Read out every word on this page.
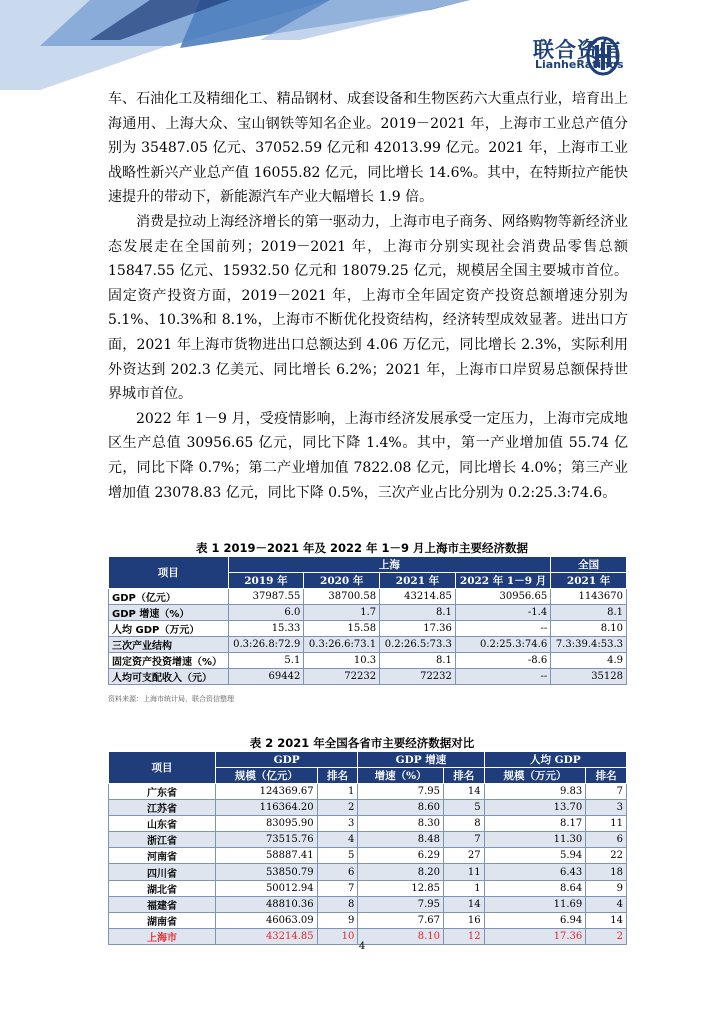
联合资信
LianheRatings

车、石油化工及精细化工、精品钢材、成套设备和生物医药六大重点行业，培育出上海通用、上海大众、宝山钢铁等知名企业。2019－2021 年，上海市工业总产值分别为 35487.05 亿元、37052.59 亿元和 42013.99 亿元。2021 年，上海市工业战略性新兴产业总产值 16055.82 亿元，同比增长 14.6%。其中，在特斯拉产能快速提升的带动下，新能源汽车产业大幅增长 1.9 倍。

消费是拉动上海经济增长的第一驱动力，上海市电子商务、网络购物等新经济业态发展走在全国前列；2019－2021 年，上海市分别实现社会消费品零售总额 15847.55 亿元、15932.50 亿元和 18079.25 亿元，规模居全国主要城市首位。固定资产投资方面，2019－2021 年，上海市全年固定资产投资总额增速分别为 5.1%、10.3%和 8.1%，上海市不断优化投资结构，经济转型成效显著。进出口方面，2021 年上海市货物进出口总额达到 4.06 万亿元，同比增长 2.3%，实际利用外资达到 202.3 亿美元、同比增长 6.2%；2021 年，上海市口岸贸易总额保持世界城市首位。

2022 年 1－9 月，受疫情影响，上海市经济发展承受一定压力，上海市完成地区生产总值 30956.65 亿元，同比下降 1.4%。其中，第一产业增加值 55.74 亿元，同比下降 0.7%；第二产业增加值 7822.08 亿元，同比增长 4.0%；第三产业增加值 23078.83 亿元，同比下降 0.5%，三次产业占比分别为 0.2:25.3:74.6。

表 1 2019－2021 年及 2022 年 1－9 月上海市主要经济数据
项目	上海				全国
	2019 年	2020 年	2021 年	2022 年 1－9 月	2021 年
GDP（亿元）	37987.55	38700.58	43214.85	30956.65	1143670
GDP 增速（%）	6.0	1.7	8.1	-1.4	8.1
人均 GDP（万元）	15.33	15.58	17.36	--	8.10
三次产业结构	0.3:26.8:72.9	0.3:26.6:73.1	0.2:26.5:73.3	0.2:25.3:74.6	7.3:39.4:53.3
固定资产投资增速（%）	5.1	10.3	8.1	-8.6	4.9
人均可支配收入（元）	69442	72232	72232	--	35128
资料来源：上海市统计局，联合资信整理
表 2 2021 年全国各省市主要经济数据对比
项目	GDP		GDP 增速		人均 GDP	
	规模（亿元）	排名	增速（%）	排名	规模（万元）	排名
广东省	124369.67	1	7.95	14	9.83	7
江苏省	116364.20	2	8.60	5	13.70	3
山东省	83095.90	3	8.30	8	8.17	11
浙江省	73515.76	4	8.48	7	11.30	6
河南省	58887.41	5	6.29	27	5.94	22
四川省	53850.79	6	8.20	11	6.43	18
湖北省	50012.94	7	12.85	1	8.64	9
福建省	48810.36	8	7.95	14	11.69	4
湖南省	46063.09	9	7.67	16	6.94	14
上海市	43214.85	10	8.10	12	17.36	2
4
